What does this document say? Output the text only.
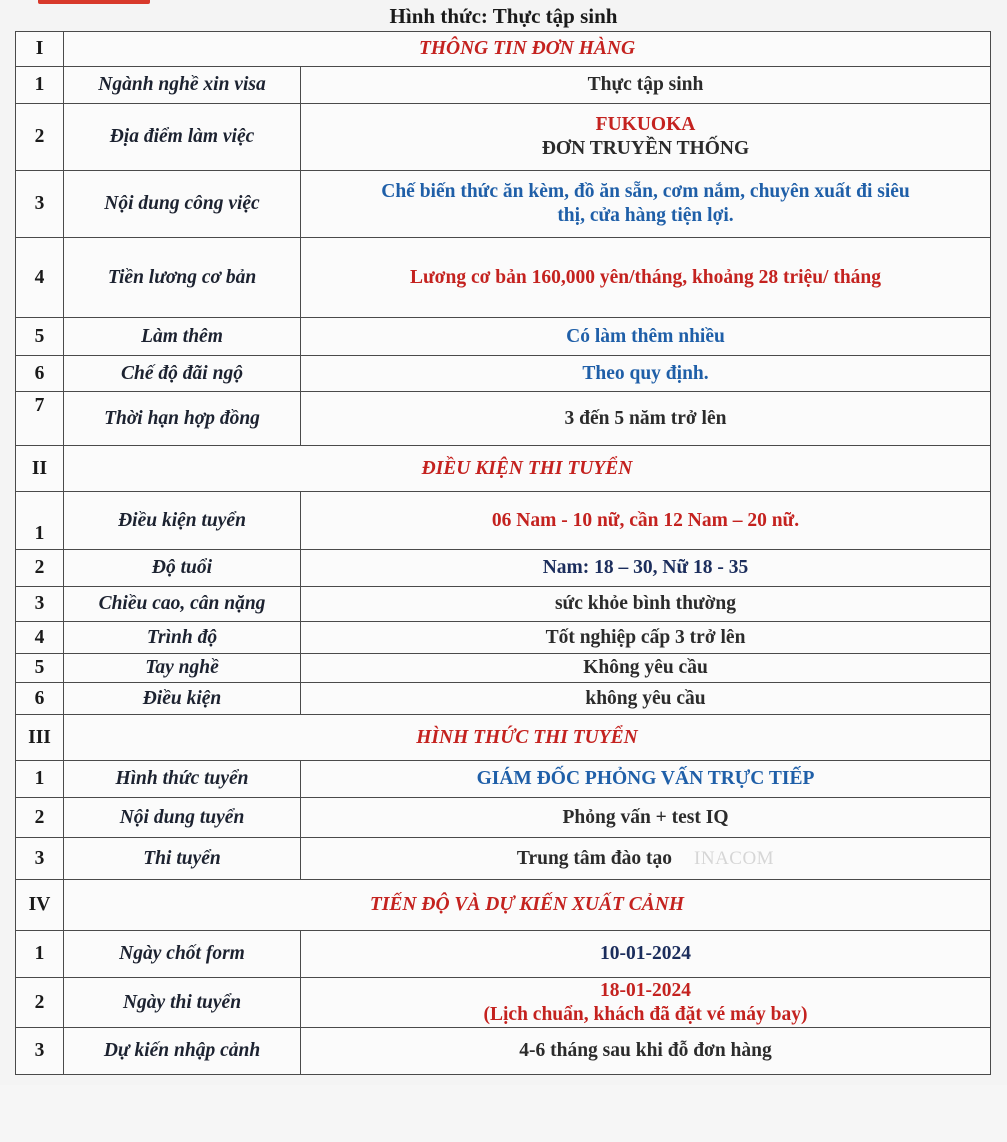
Hình thức: Thực tập sinh
I	THÔNG TIN ĐƠN HÀNG	
1	Ngành nghề xin visa	Thực tập sinh
2	Địa điểm làm việc	FUKUOKA
ĐƠN TRUYỀN THỐNG

3	Nội dung công việc	Chế biến thức ăn kèm, đồ ăn sẵn, cơm nắm, chuyên xuất đi siêu
thị, cửa hàng tiện lợi.

4	Tiền lương cơ bản	Lương cơ bản 160,000 yên/tháng, khoảng 28 triệu/ tháng
5	Làm thêm	Có làm thêm nhiều
6	Chế độ đãi ngộ	Theo quy định.
7	Thời hạn hợp đồng	3 đến 5 năm trở lên
II	ĐIỀU KIỆN THI TUYỂN	
1	Điều kiện tuyển	06 Nam - 10 nữ, cần 12 Nam – 20 nữ.
2	Độ tuổi	Nam: 18 – 30, Nữ 18 - 35
3	Chiều cao, cân nặng	sức khỏe bình thường
4	Trình độ	Tốt nghiệp cấp 3 trở lên
5	Tay nghề	Không yêu cầu
6	Điều kiện	không yêu cầu
III	HÌNH THỨC THI TUYỂN	
1	Hình thức tuyển	GIÁM ĐỐC PHỎNG VẤN TRỰC TIẾP
2	Nội dung tuyển	Phỏng vấn + test IQ
3	Thi tuyển	Trung tâm đào tạo INACOM
IV	TIẾN ĐỘ VÀ DỰ KIẾN XUẤT CẢNH	
1	Ngày chốt form	10-01-2024
2	Ngày thi tuyển	18-01-2024
(Lịch chuẩn, khách đã đặt vé máy bay)

3	Dự kiến nhập cảnh	4-6 tháng sau khi đỗ đơn hàng
